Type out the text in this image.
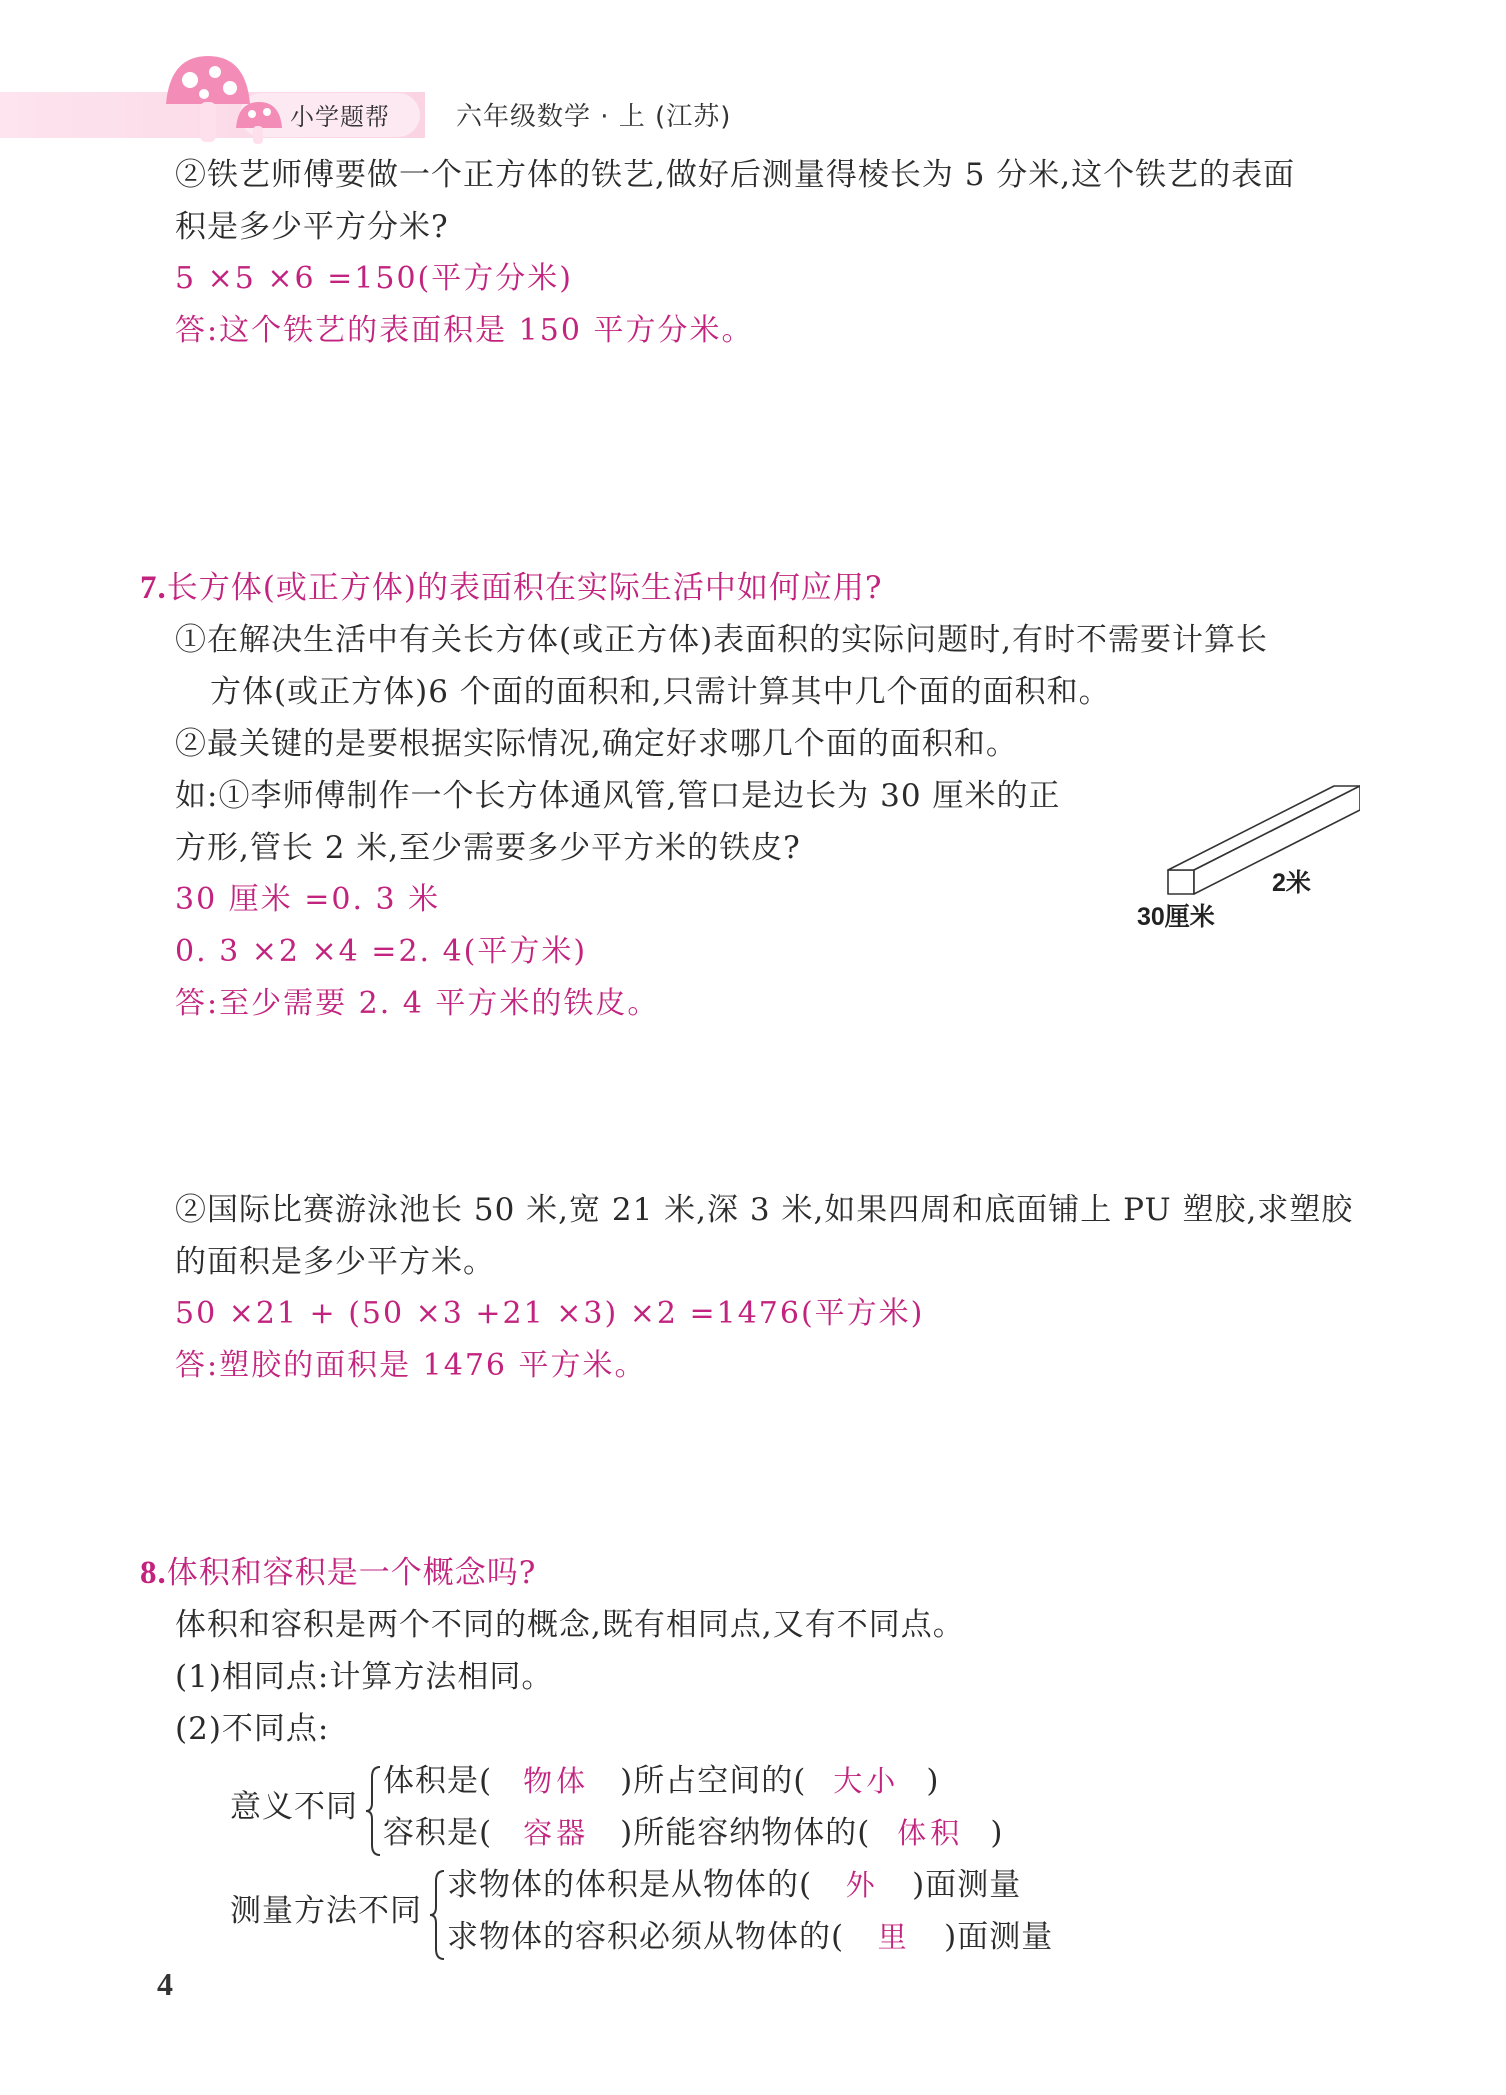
小学题帮	六年级数学 · 上 (江苏)
②铁艺师傅要做一个正方体的铁艺,做好后测量得棱长为 5 分米,这个铁艺的表面
积是多少平方分米?
5 ×5 ×6 =150(平方分米)
答:这个铁艺的表面积是 150 平方分米。
7.长方体(或正方体)的表面积在实际生活中如何应用?
①在解决生活中有关长方体(或正方体)表面积的实际问题时,有时不需要计算长
方体(或正方体)6 个面的面积和,只需计算其中几个面的面积和。
②最关键的是要根据实际情况,确定好求哪几个面的面积和。
如:①李师傅制作一个长方体通风管,管口是边长为 30 厘米的正
方形,管长 2 米,至少需要多少平方米的铁皮?
30 厘米 =0. 3 米
0. 3 ×2 ×4 =2. 4(平方米)
答:至少需要 2. 4 平方米的铁皮。
2米
30厘米
②国际比赛游泳池长 50 米,宽 21 米,深 3 米,如果四周和底面铺上 PU 塑胶,求塑胶
的面积是多少平方米。
50 ×21 + (50 ×3 +21 ×3) ×2 =1476(平方米)
答:塑胶的面积是 1476 平方米。
8.体积和容积是一个概念吗?
体积和容积是两个不同的概念,既有相同点,又有不同点。
(1)相同点:计算方法相同。
(2)不同点:
意义不同
体积是( 物体 )所占空间的( 大小 )
容积是( 容器 )所能容纳物体的( 体积 )
测量方法不同
求物体的体积是从物体的( 外 )面测量
求物体的容积必须从物体的( 里 )面测量
4
